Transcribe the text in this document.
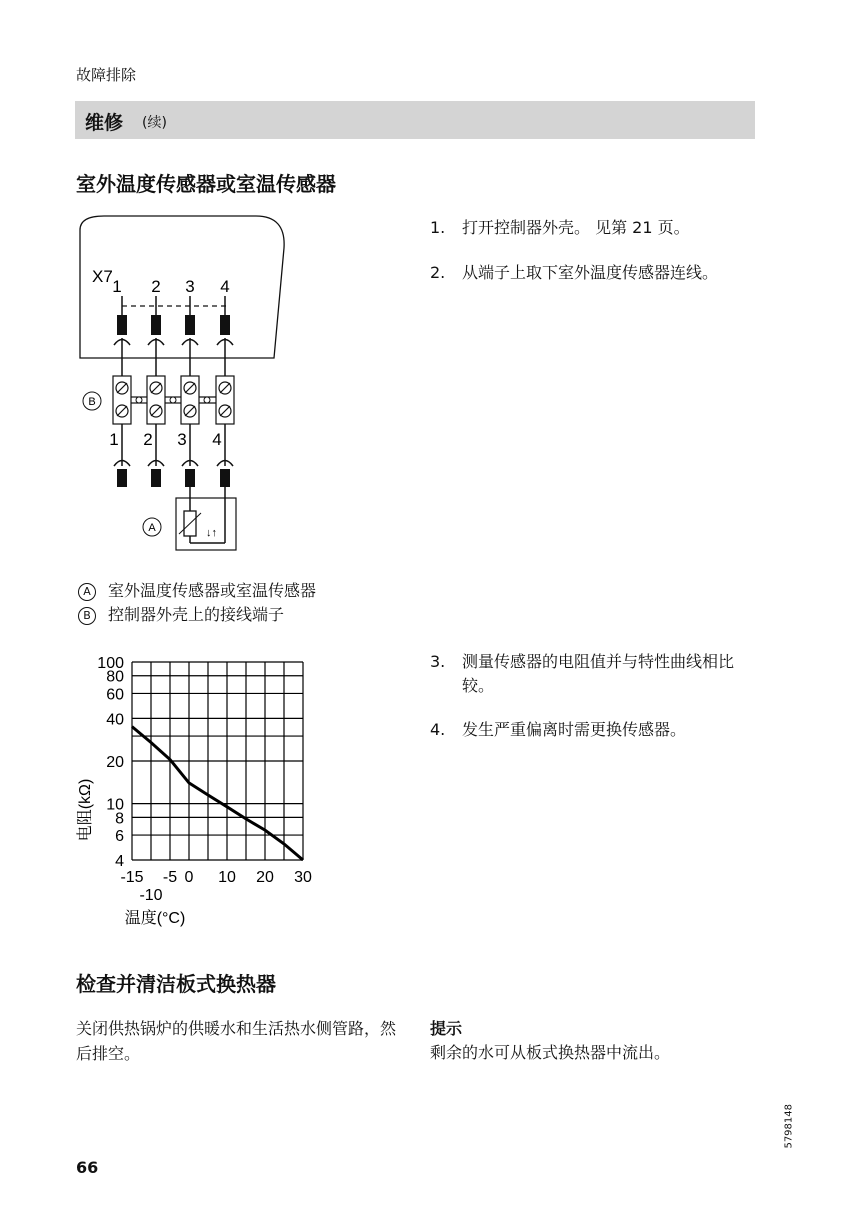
故障排除
维修 (续)
室外温度传感器或室温传感器
X7
1 2 3 4
B
1 2 3 4
↓↑
A
1. 打开控制器外壳。 见第 21 页。
2. 从端子上取下室外温度传感器连线。
A 室外温度传感器或室温传感器
B 控制器外壳上的接线端子
4
6
8
10
20
40
60
80
100
-15
-10
-5 0 10 20 30
电阻(kΩ)
温度(°C)
3. 测量传感器的电阻值并与特性曲线相比较。
4. 发生严重偏离时需更换传感器。
检查并清洁板式换热器
关闭供热锅炉的供暖水和生活热水侧管路，然后排空。
提示
剩余的水可从板式换热器中流出。
5798148
66
